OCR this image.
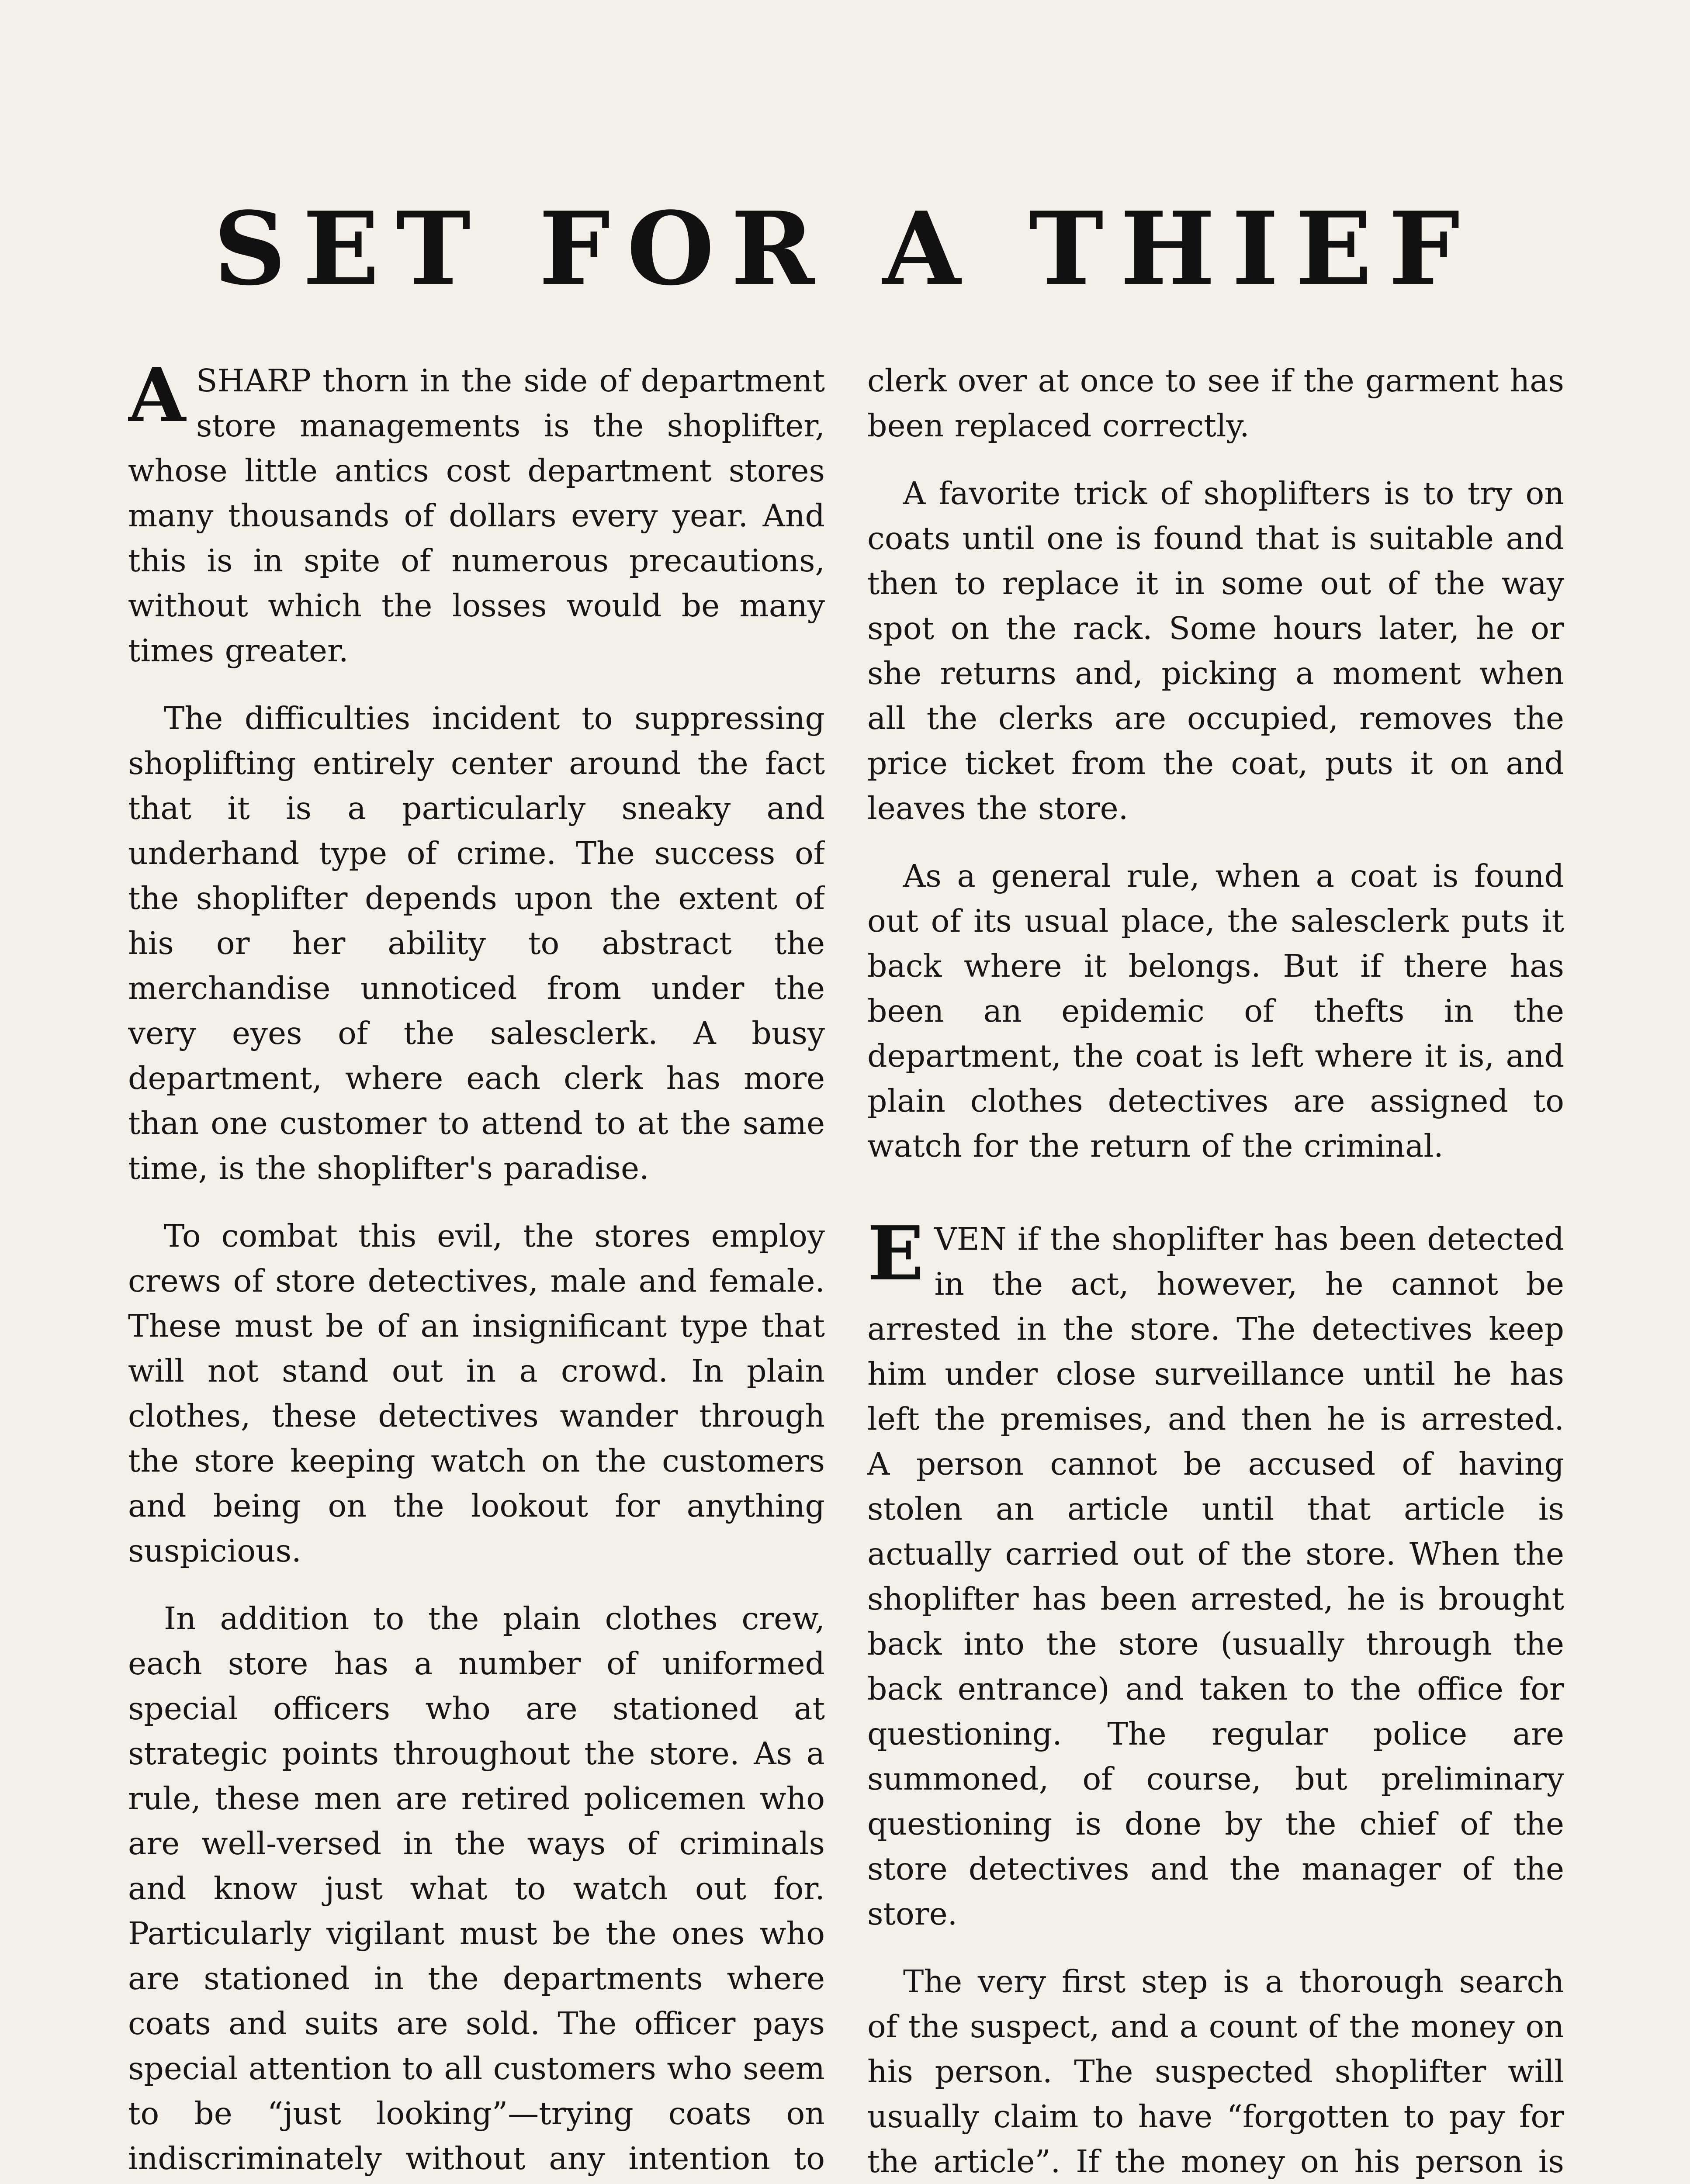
SET FOR A THIEF

ASHARP thorn in the side of department store managements is the shoplifter, whose little antics cost department stores many thousands of dollars every year. And this is in spite of numerous precautions, without which the losses would be many times greater.

The difficulties incident to suppressing shoplifting entirely center around the fact that it is a particularly sneaky and underhand type of crime. The success of the shoplifter depends upon the extent of his or her ability to abstract the merchandise unnoticed from under the very eyes of the salesclerk. A busy department, where each clerk has more than one customer to attend to at the same time, is the shoplifter's paradise.

To combat this evil, the stores employ crews of store detectives, male and female. These must be of an insignificant type that will not stand out in a crowd. In plain clothes, these detectives wander through the store keeping watch on the customers and being on the lookout for anything suspicious.

In addition to the plain clothes crew, each store has a number of uniformed special officers who are stationed at strategic points throughout the store. As a rule, these men are retired policemen who are well-versed in the ways of criminals and know just what to watch out for. Particularly vigilant must be the ones who are stationed in the departments where coats and suits are sold. The officer pays special attention to all customers who seem to be “just looking”—trying coats on indiscriminately without any intention to

clerk over at once to see if the garment has been replaced correctly.

A favorite trick of shoplifters is to try on coats until one is found that is suitable and then to replace it in some out of the way spot on the rack. Some hours later, he or she returns and, picking a moment when all the clerks are occupied, removes the price ticket from the coat, puts it on and leaves the store.

As a general rule, when a coat is found out of its usual place, the salesclerk puts it back where it belongs. But if there has been an epidemic of thefts in the department, the coat is left where it is, and plain clothes detectives are assigned to watch for the return of the criminal.

EVEN if the shoplifter has been detected in the act, however, he cannot be arrested in the store. The detectives keep him under close surveillance until he has left the premises, and then he is arrested. A person cannot be accused of having stolen an article until that article is actually carried out of the store. When the shoplifter has been arrested, he is brought back into the store (usually through the back entrance) and taken to the office for questioning. The regular police are summoned, of course, but preliminary questioning is done by the chief of the store detectives and the manager of the store.

The very first step is a thorough search of the suspect, and a count of the money on his person. The suspected shoplifter will usually claim to have “forgotten to pay for the article”. If the money on his person is
